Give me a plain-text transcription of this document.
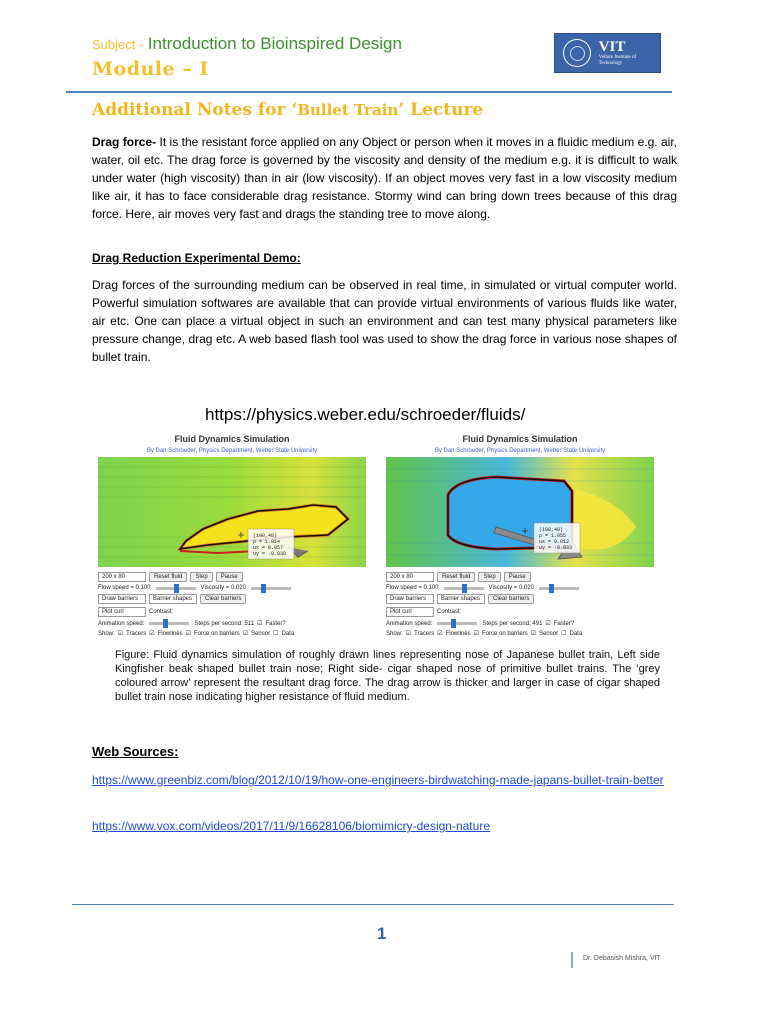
Subject - Introduction to Bioinspired Design
Module – I
VIT
Vellore Institute of Technology
Additional Notes for ‘Bullet Train’ Lecture

Drag force- It is the resistant force applied on any Object or person when it moves in a fluidic medium e.g. air, water, oil etc. The drag force is governed by the viscosity and density of the medium e.g. it is difficult to walk under water (high viscosity) than in air (low viscosity). If an object moves very fast in a low viscosity medium like air, it has to face considerable drag resistance. Stormy wind can bring down trees because of this drag force. Here, air moves very fast and drags the standing tree to move along.

Drag Reduction Experimental Demo:

Drag forces of the surrounding medium can be observed in real time, in simulated or virtual computer world. Powerful simulation softwares are available that can provide virtual environments of various fluids like water, air etc. One can place a virtual object in such an environment and can test many physical parameters like pressure change, drag etc. A web based flash tool was used to show the drag force in various nose shapes of bullet train.

https://physics.weber.edu/schroeder/fluids/
Fluid Dynamics Simulation
By Dan Schroeder, Physics Department, Weber State University
(100,40)
ρ = 1.014
ux = 0.057
uy = -0.030
200 x 80	Reset fluid	Step	Pause
Flow speed = 0.100	Viscosity = 0.020
Draw barriers	Barrier shapes	Clear barriers
Plot curl	Contrast:
Animation speed:	Steps per second: 511 ☑ Faster?
Show: ☑ Tracers ☑ Flowlines ☑ Force on barriers ☑ Sensor ☐ Data
Fluid Dynamics Simulation
By Dan Schroeder, Physics Department, Weber State University
(100,40)
ρ = 1.055
ux = 0.012
uy = -0.033
200 x 80	Reset fluid	Step	Pause
Flow speed = 0.100	Viscosity = 0.020
Draw barriers	Barrier shapes	Clear barriers
Plot curl	Contrast:
Animation speed:	Steps per second: 491 ☑ Faster?
Show: ☑ Tracers ☑ Flowlines ☑ Force on barriers ☑ Sensor ☐ Data

Figure: Fluid dynamics simulation of roughly drawn lines representing nose of Japanese bullet train, Left side Kingfisher beak shaped bullet train nose; Right side- cigar shaped nose of primitive bullet trains. The ‘grey coloured arrow’ represent the resultant drag force. The drag arrow is thicker and larger in case of cigar shaped bullet train nose indicating higher resistance of fluid medium.

Web Sources:
https://www.greenbiz.com/blog/2012/10/19/how-one-engineers-birdwatching-made-japans-bullet-train-better
https://www.vox.com/videos/2017/11/9/16628106/biomimicry-design-nature
1
Dr. Debasish Mishra, VIT
